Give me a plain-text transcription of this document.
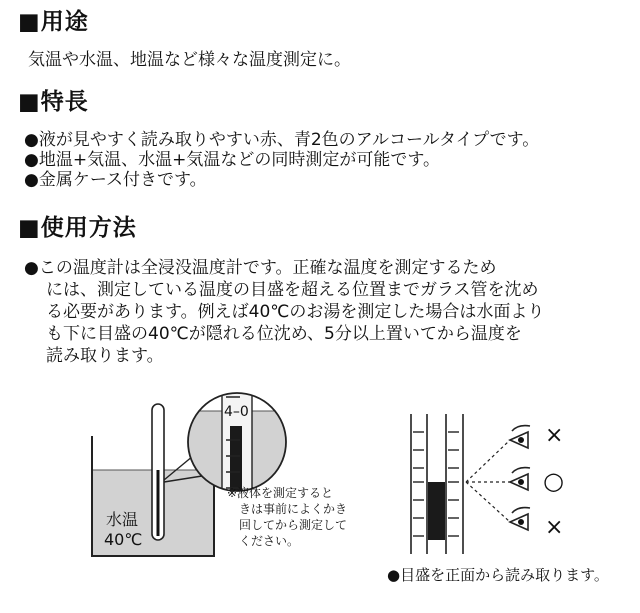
■用途
気温や水温、地温など様々な温度測定に。
■特長
●液が見やすく読み取りやすい赤、青2色のアルコールタイプです。
●地温+気温、水温+気温などの同時測定が可能です。
●金属ケース付きです。
■使用方法
●この温度計は全浸没温度計です。正確な温度を測定するため
には、測定している温度の目盛を超える位置までガラス管を沈め
る必要があります。例えば40℃のお湯を測定した場合は水面より
も下に目盛の40℃が隠れる位沈め、5分以上置いてから温度を
読み取ります。
水温
40℃
4–0
※液体を測定すると
きは事前によくかき
回してから測定して
ください。
×
○
×
●目盛を正面から読み取ります。
